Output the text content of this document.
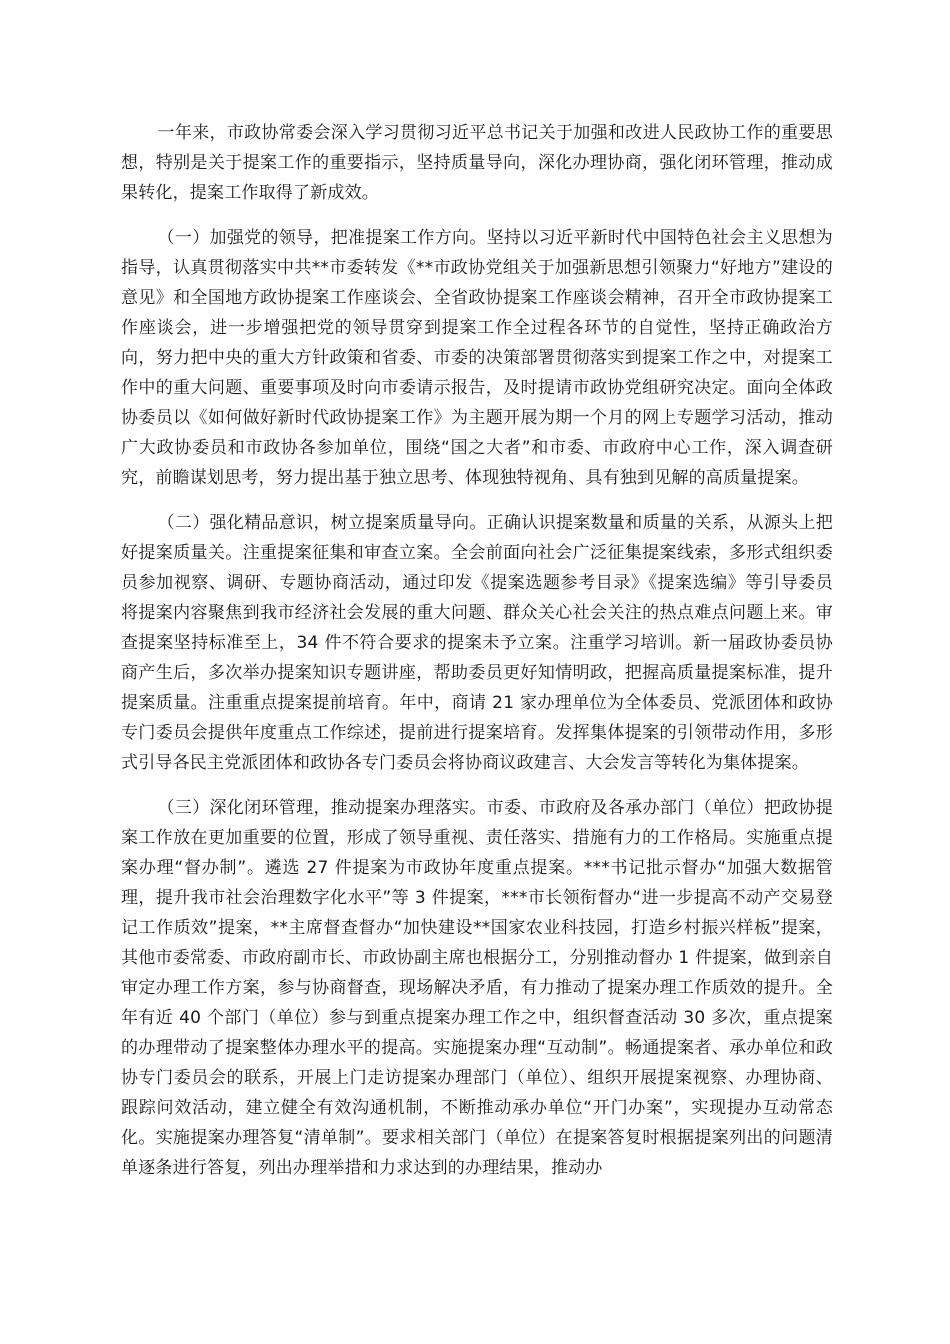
一年来，市政协常委会深入学习贯彻习近平总书记关于加强和改进人民政协工作的重要思想，特别是关于提案工作的重要指示，坚持质量导向，深化办理协商，强化闭环管理，推动成果转化，提案工作取得了新成效。

（一）加强党的领导，把准提案工作方向。坚持以习近平新时代中国特色社会主义思想为指导，认真贯彻落实中共**市委转发《**市政协党组关于加强新思想引领聚力“好地方”建设的意见》和全国地方政协提案工作座谈会、全省政协提案工作座谈会精神，召开全市政协提案工作座谈会，进一步增强把党的领导贯穿到提案工作全过程各环节的自觉性，坚持正确政治方向，努力把中央的重大方针政策和省委、市委的决策部署贯彻落实到提案工作之中，对提案工作中的重大问题、重要事项及时向市委请示报告，及时提请市政协党组研究决定。面向全体政协委员以《如何做好新时代政协提案工作》为主题开展为期一个月的网上专题学习活动，推动广大政协委员和市政协各参加单位，围绕“国之大者”和市委、市政府中心工作，深入调查研究，前瞻谋划思考，努力提出基于独立思考、体现独特视角、具有独到见解的高质量提案。

（二）强化精品意识，树立提案质量导向。正确认识提案数量和质量的关系，从源头上把好提案质量关。注重提案征集和审查立案。全会前面向社会广泛征集提案线索，多形式组织委员参加视察、调研、专题协商活动，通过印发《提案选题参考目录》《提案选编》等引导委员将提案内容聚焦到我市经济社会发展的重大问题、群众关心社会关注的热点难点问题上来。审查提案坚持标准至上，34 件不符合要求的提案未予立案。注重学习培训。新一届政协委员协商产生后，多次举办提案知识专题讲座，帮助委员更好知情明政，把握高质量提案标准，提升提案质量。注重重点提案提前培育。年中，商请 21 家办理单位为全体委员、党派团体和政协专门委员会提供年度重点工作综述，提前进行提案培育。发挥集体提案的引领带动作用，多形式引导各民主党派团体和政协各专门委员会将协商议政建言、大会发言等转化为集体提案。

（三）深化闭环管理，推动提案办理落实。市委、市政府及各承办部门（单位）把政协提案工作放在更加重要的位置，形成了领导重视、责任落实、措施有力的工作格局。实施重点提案办理“督办制”。遴选 27 件提案为市政协年度重点提案。***书记批示督办“加强大数据管理，提升我市社会治理数字化水平”等 3 件提案，***市长领衔督办“进一步提高不动产交易登记工作质效”提案，**主席督查督办“加快建设**国家农业科技园，打造乡村振兴样板”提案，其他市委常委、市政府副市长、市政协副主席也根据分工，分别推动督办 1 件提案，做到亲自审定办理工作方案，参与协商督查，现场解决矛盾，有力推动了提案办理工作质效的提升。全年有近 40 个部门（单位）参与到重点提案办理工作之中，组织督查活动 30 多次，重点提案的办理带动了提案整体办理水平的提高。实施提案办理“互动制”。畅通提案者、承办单位和政协专门委员会的联系，开展上门走访提案办理部门（单位）、组织开展提案视察、办理协商、跟踪问效活动，建立健全有效沟通机制，不断推动承办单位“开门办案”，实现提办互动常态化。实施提案办理答复“清单制”。要求相关部门（单位）在提案答复时根据提案列出的问题清单逐条进行答复，列出办理举措和力求达到的办理结果，推动办
